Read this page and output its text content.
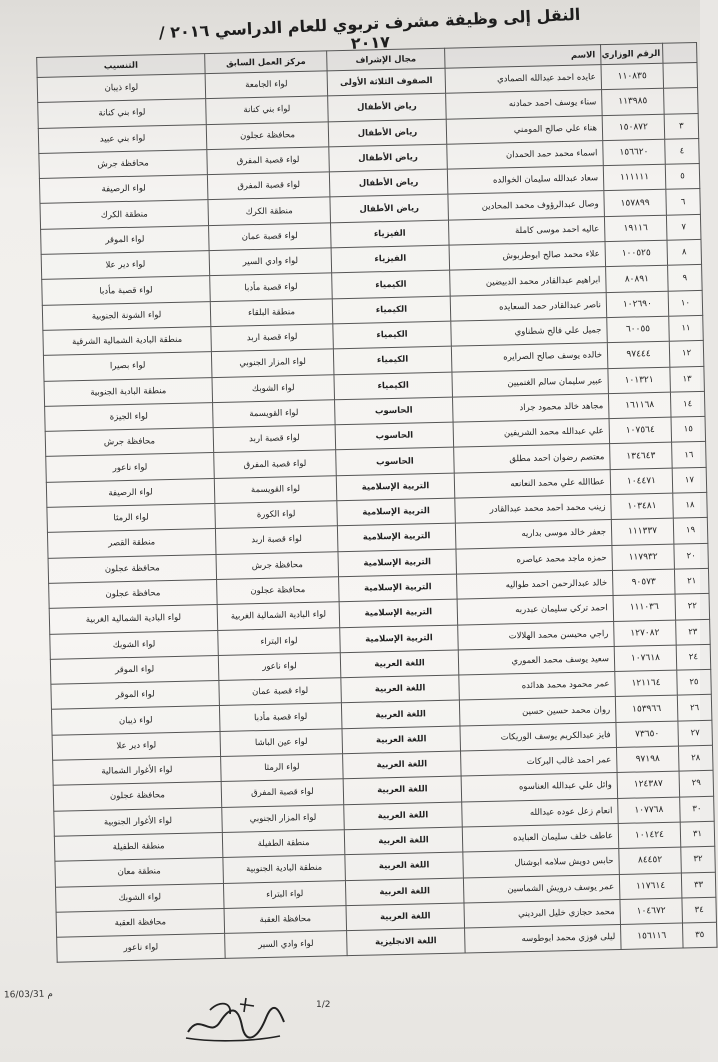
النقل إلى وظيفة مشرف تربوي للعام الدراسي ٢٠١٦ / ٢٠١٧
	الرقم الوزاري	الاسم	مجال الإشراف	مركز العمل السابق	التنسيب
	١١٠٨٣٥	عايده احمد عبدالله الصمادي	الصفوف الثلاثة الأولى	لواء الجامعة	لواء ذيبان
	١١٣٩٨٥	سناء يوسف احمد حمادنه	رياض الأطفال	لواء بني كنانة	لواء بني كنانة
٣	١٥٠٨٧٢	هناء علي صالح المومني	رياض الأطفال	محافظة عجلون	لواء بني عبيد
٤	١٥٦٦٢٠	اسماء محمد حمد الحمدان	رياض الأطفال	لواء قصبة المفرق	محافظة جرش
٥	١١١١١١	سعاد عبدالله سليمان الخوالده	رياض الأطفال	لواء قصبة المفرق	لواء الرصيفة
٦	١٥٧٨٩٩	وصال عبدالرؤوف محمد المحادين	رياض الأطفال	منطقة الكرك	منطقة الكرك
٧	١٩١١٦	عاليه احمد موسى كاملة	الفيزياء	لواء قصبة عمان	لواء الموقر
٨	١٠٠٥٢٥	علاء محمد صالح ابوطربوش	الفيزياء	لواء وادي السير	لواء دير علا
٩	٨٠٨٩١	ابراهيم عبدالقادر محمد الدبيضين	الكيمياء	لواء قصبة مأدبا	لواء قصبة مأدبا
١٠	١٠٢٦٩٠	ناصر عبدالقادر حمد السعايده	الكيمياء	منطقة البلقاء	لواء الشونة الجنوبية
١١	٦٠٠٥٥	جميل علي فالح شطناوي	الكيمياء	لواء قصبة اربد	منطقة البادية الشمالية الشرقية
١٢	٩٧٤٤٤	خالده يوسف صالح الصرايره	الكيمياء	لواء المزار الجنوبي	لواء بصيرا
١٣	١٠١٣٢١	عبير سليمان سالم الغنميين	الكيمياء	لواء الشوبك	منطقة البادية الجنوبية
١٤	١٦١١٦٨	مجاهد خالد محمود جراد	الحاسوب	لواء القويسمة	لواء الجيزة
١٥	١٠٧٥٦٤	علي عبدالله محمد الشريفين	الحاسوب	لواء قصبة اربد	محافظة جرش
١٦	١٣٤٦٤٣	معتصم رضوان احمد مطلق	الحاسوب	لواء قصبة المفرق	لواء ناعور
١٧	١٠٤٤٧١	عطاالله علي محمد النعانعه	التربية الإسلامية	لواء القويسمة	لواء الرصيفة
١٨	١٠٣٤٨١	زينب محمد احمد محمد عبدالقادر	التربية الإسلامية	لواء الكورة	لواء الرمثا
١٩	١١١٣٣٧	جعفر خالد موسى بداريه	التربية الإسلامية	لواء قصبة اربد	منطقة القصر
٢٠	١١٧٩٣٢	حمزه ماجد محمد عياصره	التربية الإسلامية	محافظة جرش	محافظة عجلون
٢١	٩٠٥٧٣	خالد عبدالرحمن احمد طواليه	التربية الإسلامية	محافظة عجلون	محافظة عجلون
٢٢	١١١٠٣٦	احمد تركي سليمان عبدربه	التربية الإسلامية	لواء البادية الشمالية الغربية	لواء البادية الشمالية الغربية
٢٣	١٢٧٠٨٢	راجي محيسن محمد الهلالات	التربية الإسلامية	لواء البتراء	لواء الشوبك
٢٤	١٠٧٦١٨	سعيد يوسف محمد العموري	اللغة العربية	لواء ناعور	لواء الموقر
٢٥	١٢١١٦٤	عمر محمود محمد هدائده	اللغة العربية	لواء قصبة عمان	لواء الموقر
٢٦	١٥٣٩٦٦	روان محمد حسين حسين	اللغة العربية	لواء قصبة مأدبا	لواء ذيبان
٢٧	٧٣٦٥٠	فايز عبدالكريم يوسف الوريكات	اللغة العربية	لواء عين الباشا	لواء دير علا
٢٨	٩٧١٩٨	عمر احمد غالب البركات	اللغة العربية	لواء الرمثا	لواء الأغوار الشمالية
٢٩	١٢٤٣٨٧	وائل علي عبدالله العناسوه	اللغة العربية	لواء قصبة المفرق	محافظة عجلون
٣٠	١٠٧٧٦٨	انعام زعل عوده عبدالله	اللغة العربية	لواء المزار الجنوبي	لواء الأغوار الجنوبية
٣١	١٠١٤٢٤	عاطف خلف سليمان العبايده	اللغة العربية	منطقة الطفيلة	منطقة الطفيلة
٣٢	٨٤٤٥٢	حابس دويش سلامه ابوشنال	اللغة العربية	منطقة البادية الجنوبية	منطقة معان
٣٣	١١٧٦١٤	عمر يوسف درويش الشماسين	اللغة العربية	لواء البتراء	لواء الشوبك
٣٤	١٠٤٦٧٢	محمد حجازي خليل البرديني	اللغة العربية	محافظة العقبة	محافظة العقبة
٣٥	١٥٦١١٦	ليلى فوزي محمد ابوطوسه	اللغة الانجليزية	لواء وادي السير	لواء ناعور
16/03/31 م
1/2
